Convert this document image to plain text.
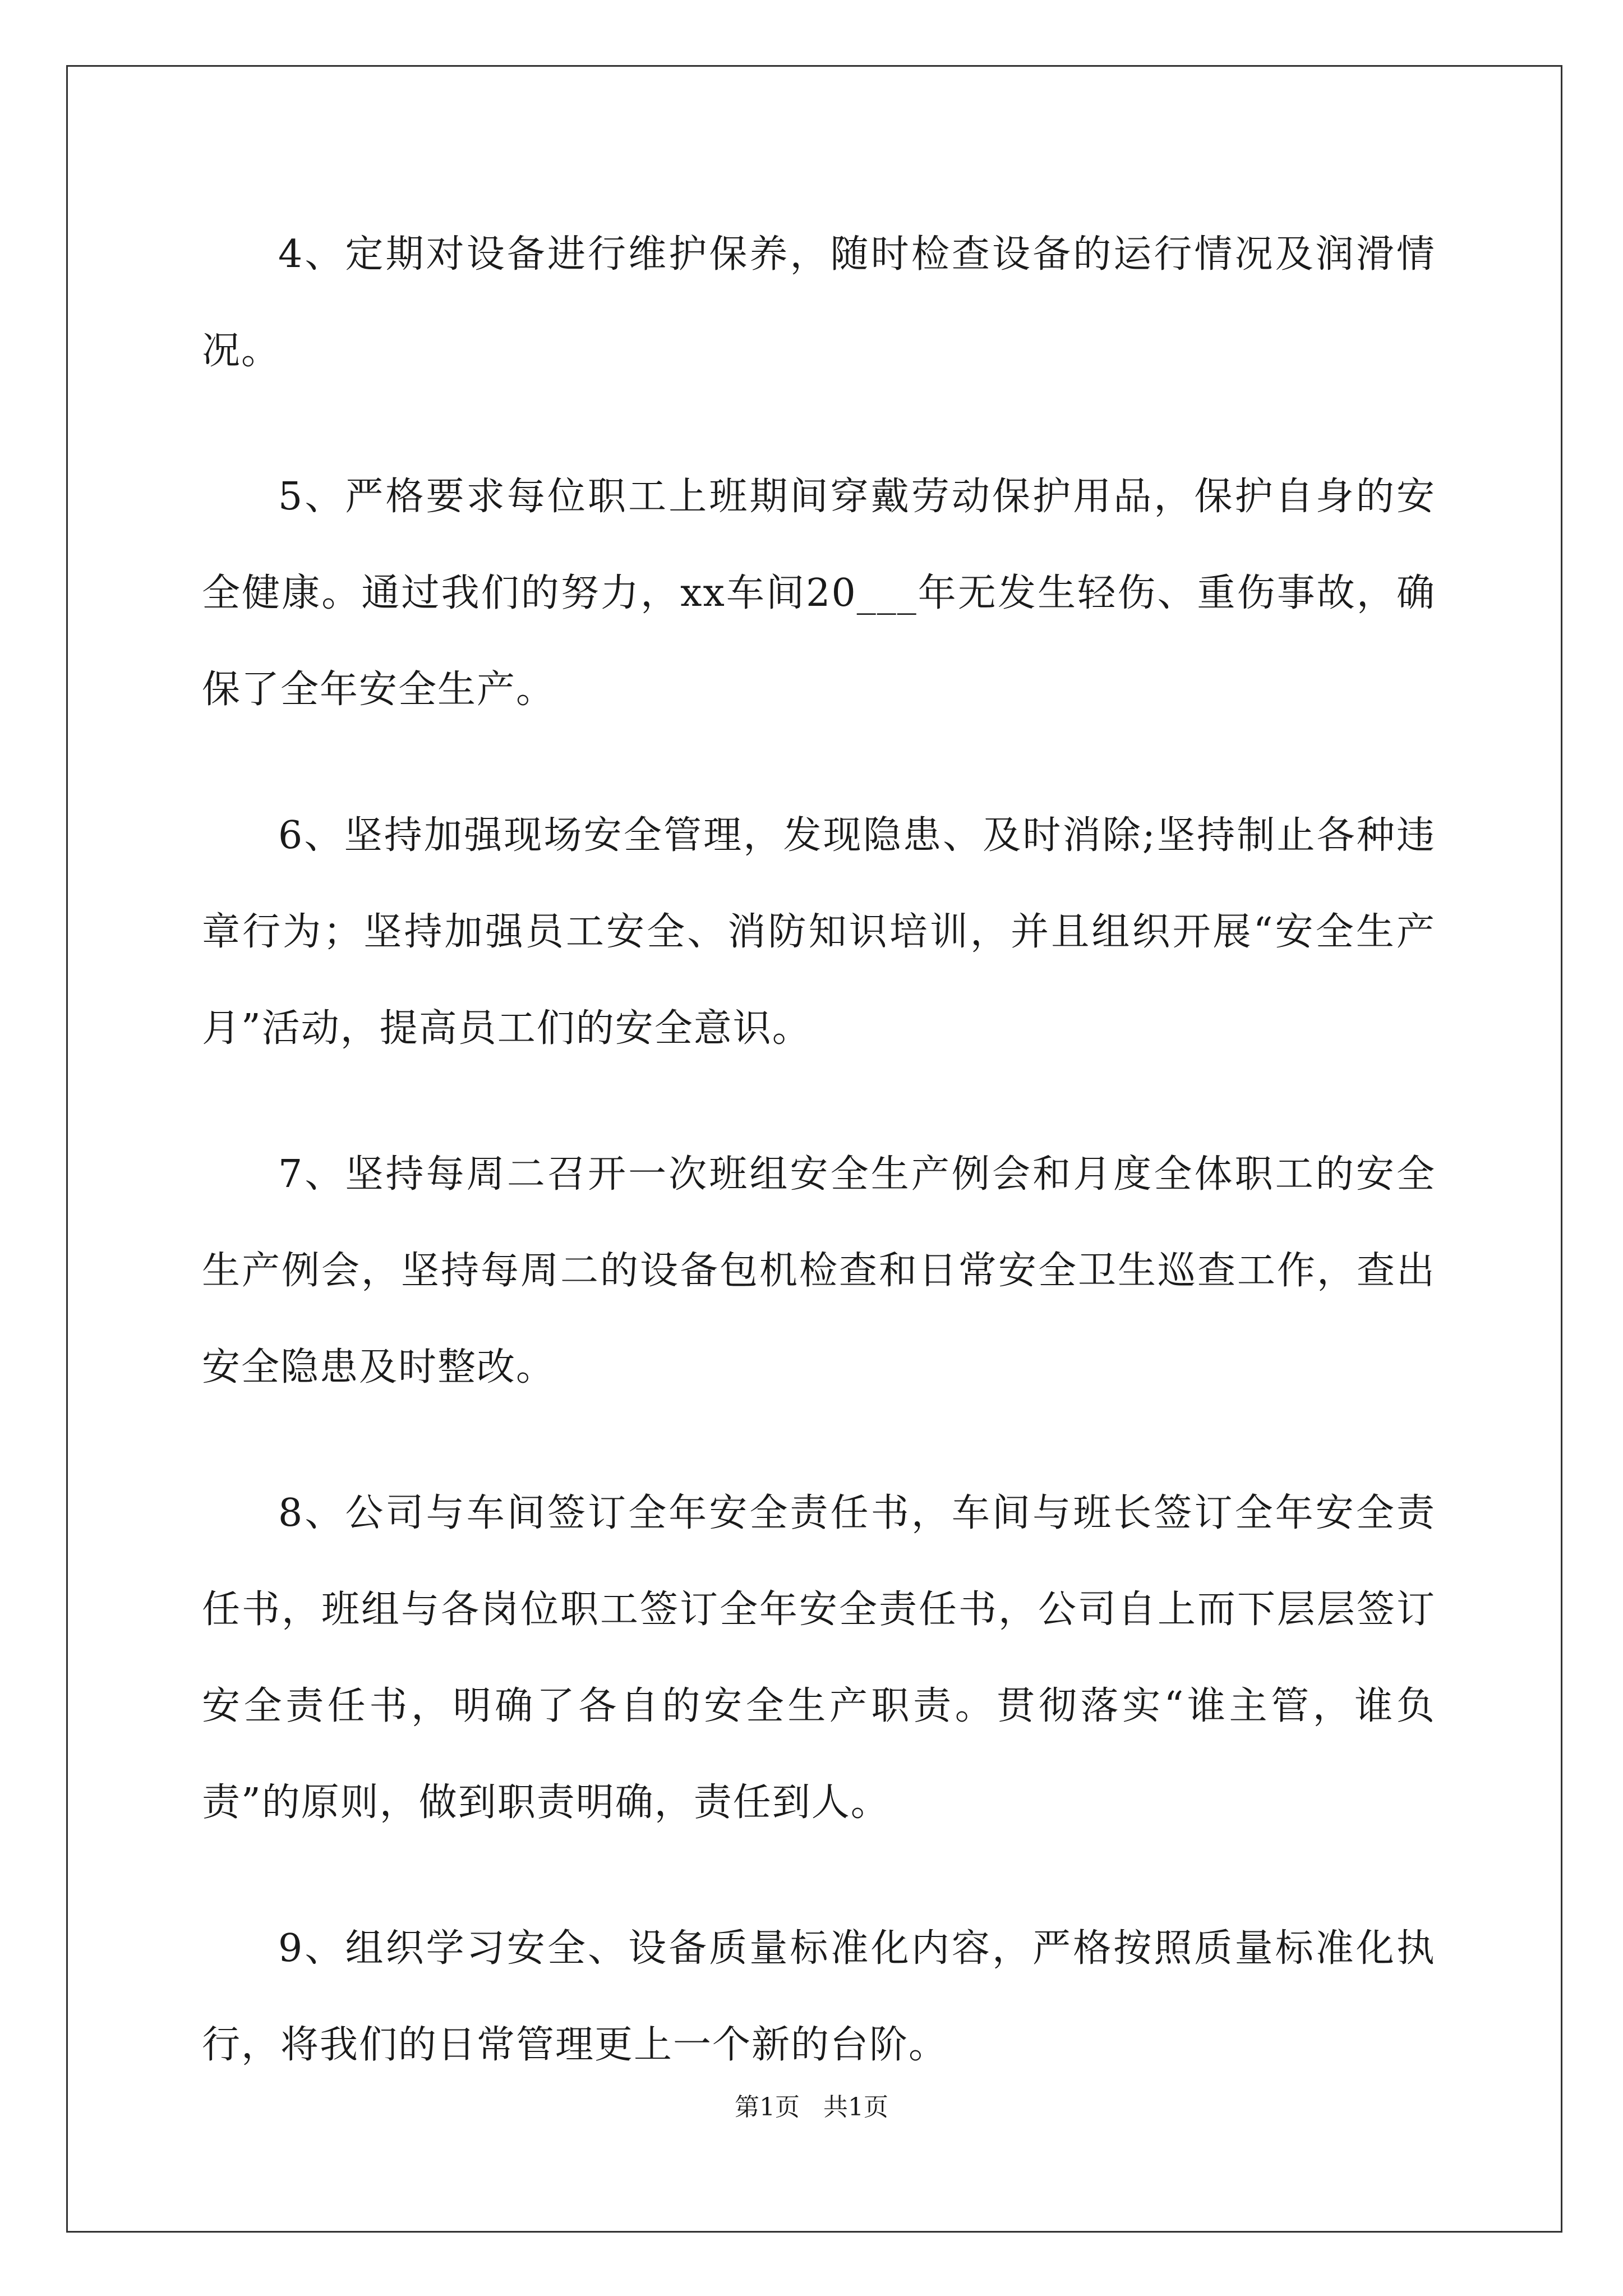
4、定期对设备进行维护保养，随时检查设备的运行情况及润滑情况。

5、严格要求每位职工上班期间穿戴劳动保护用品，保护自身的安全健康。通过我们的努力，xx车间20___年无发生轻伤、重伤事故，确保了全年安全生产。

6、坚持加强现场安全管理，发现隐患、及时消除;坚持制止各种违章行为；坚持加强员工安全、消防知识培训，并且组织开展“安全生产月”活动，提高员工们的安全意识。

7、坚持每周二召开一次班组安全生产例会和月度全体职工的安全生产例会，坚持每周二的设备包机检查和日常安全卫生巡查工作，查出安全隐患及时整改。

8、公司与车间签订全年安全责任书，车间与班长签订全年安全责任书，班组与各岗位职工签订全年安全责任书，公司自上而下层层签订安全责任书，明确了各自的安全生产职责。贯彻落实“谁主管，谁负责”的原则，做到职责明确，责任到人。

9、组织学习安全、设备质量标准化内容，严格按照质量标准化执行，将我们的日常管理更上一个新的台阶。

第1页 共1页
